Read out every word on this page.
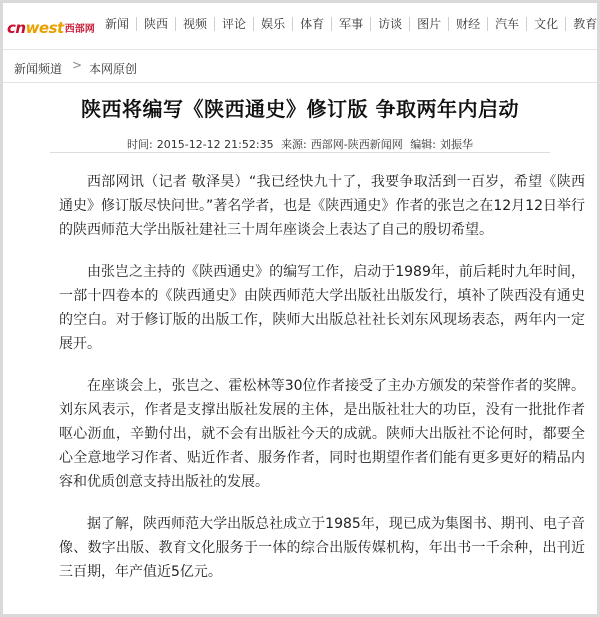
cn west 西部网 新闻	陕西	视频	评论	娱乐	体育	军事	访谈	图片	财经	汽车	文化	教育
新闻频道 > 本网原创
陕西将编写《陕西通史》修订版 争取两年内启动
时间: 2015-12-12 21:52:35 来源: 西部网-陕西新闻网 编辑: 刘振华

西部网讯（记者 敬泽昊）“我已经快九十了，我要争取活到一百岁，希望《陕西通史》修订版尽快问世。”著名学者，也是《陕西通史》作者的张岂之在12月12日举行的陕西师范大学出版社建社三十周年座谈会上表达了自己的殷切希望。

由张岂之主持的《陕西通史》的编写工作，启动于1989年，前后耗时九年时间，一部十四卷本的《陕西通史》由陕西师范大学出版社出版发行，填补了陕西没有通史的空白。对于修订版的出版工作，陕师大出版总社社长刘东风现场表态，两年内一定展开。

在座谈会上，张岂之、霍松林等30位作者接受了主办方颁发的荣誉作者的奖牌。刘东风表示，作者是支撑出版社发展的主体，是出版社壮大的功臣，没有一批批作者呕心沥血，辛勤付出，就不会有出版社今天的成就。陕师大出版社不论何时，都要全心全意地学习作者、贴近作者、服务作者，同时也期望作者们能有更多更好的精品内容和优质创意支持出版社的发展。

据了解，陕西师范大学出版总社成立于1985年，现已成为集图书、期刊、电子音像、数字出版、教育文化服务于一体的综合出版传媒机构，年出书一千余种，出刊近三百期，年产值近5亿元。
